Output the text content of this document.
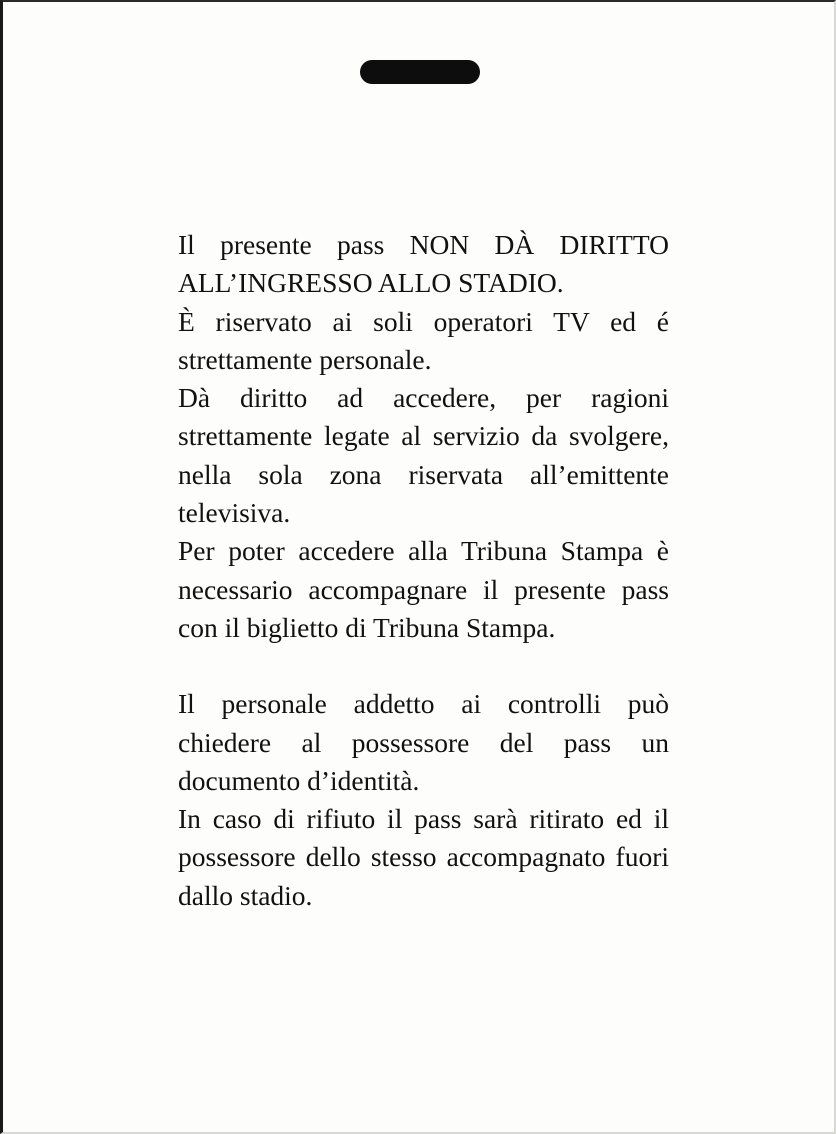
Il presente pass NON DÀ DIRITTO ALL’INGRESSO ALLO STADIO.

È riservato ai soli operatori TV ed é strettamente personale.

Dà diritto ad accedere, per ragioni strettamente legate al servizio da svolgere, nella sola zona riservata all’emittente televisiva.

Per poter accedere alla Tribuna Stampa è necessario accompagnare il presente pass con il biglietto di Tribuna Stampa.

Il personale addetto ai controlli può chiedere al possessore del pass un documento d’identità.

In caso di rifiuto il pass sarà ritirato ed il possessore dello stesso accompagnato fuori dallo stadio.
